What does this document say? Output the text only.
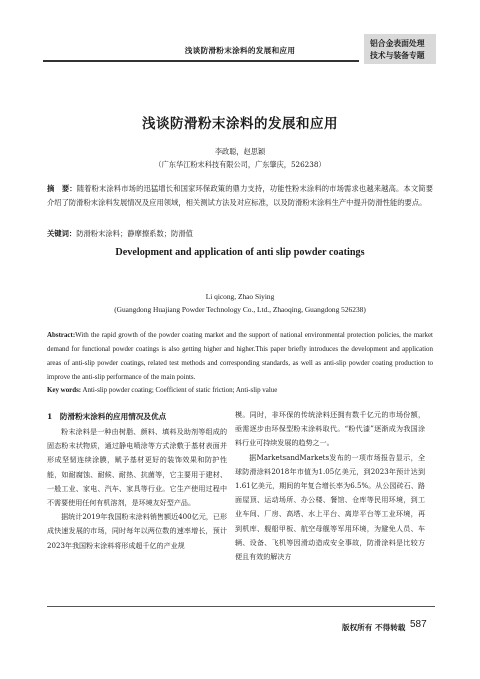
浅谈防滑粉末涂料的发展和应用
铝合金表面处理
技术与装备专题
浅谈防滑粉末涂料的发展和应用
李政聪，赵思颖
（广东华江粉末科技有限公司，广东肇庆，526238）
摘　要：随着粉末涂料市场的迅猛增长和国家环保政策的鼎力支持，功能性粉末涂料的市场需求也越来越高。本文简要介绍了防滑粉末涂料发展情况及应用领域，相关测试方法及对应标准，以及防滑粉末涂料生产中提升防滑性能的要点。
关键词：防滑粉末涂料；静摩擦系数；防滑值
Development and application of anti slip powder coatings
Li qicong, Zhao Siying
(Guangdong Huajiang Powder Technology Co., Ltd., Zhaoqing, Guangdong 526238)
Abstract:With the rapid growth of the powder coating market and the support of national environmental protection policies, the market demand for functional powder coatings is also getting higher and higher.This paper briefly introduces the development and application areas of anti-slip powder coatings, related test methods and corresponding standards, as well as anti-slip powder coating production to improve the anti-slip performance of the main points.
Key words: Anti-slip powder coating; Coefficient of static friction; Anti-slip value
1　防滑粉末涂料的应用情况及优点

粉末涂料是一种由树脂、颜料、填料及助剂等组成的固态粉末状物质，通过静电喷涂等方式涂敷于基材表面并形成坚韧连续涂膜，赋予基材更好的装饰效果和防护性能，如耐腐蚀、耐候、耐热、抗菌等，它主要用于建材、一般工业、家电、汽车、家具等行业。它生产使用过程中不需要使用任何有机溶剂，是环境友好型产品。

据统计2019年我国粉末涂料销售额近400亿元，已形成快速发展的市场，同时每年以两位数的速率增长，预计2023年我国粉末涂料将形成超千亿的产业规

模。同时，非环保的传统涂料还拥有数千亿元的市场份额，亟需逐步由环保型粉末涂料取代。“粉代漆”逐渐成为我国涂料行业可持续发展的趋势之一。

据MarketsandMarkets发布的一项市场报告显示，全球防滑涂料2018年市值为1.05亿美元，到2023年预计达到1.61亿美元，期间的年复合增长率为6.5%。从公园砖石、路面屋顶、运动场所、办公楼、餐馆、仓库等民用环境，到工业车间、厂房、高塔、水上平台、离岸平台等工业环境，再到机库、舰船甲板、航空母舰等军用环境，为避免人员、车辆、设备、飞机等因滑动造成安全事故，防滑涂料是比较方便且有效的解决方

版权所有 不得转载 587
